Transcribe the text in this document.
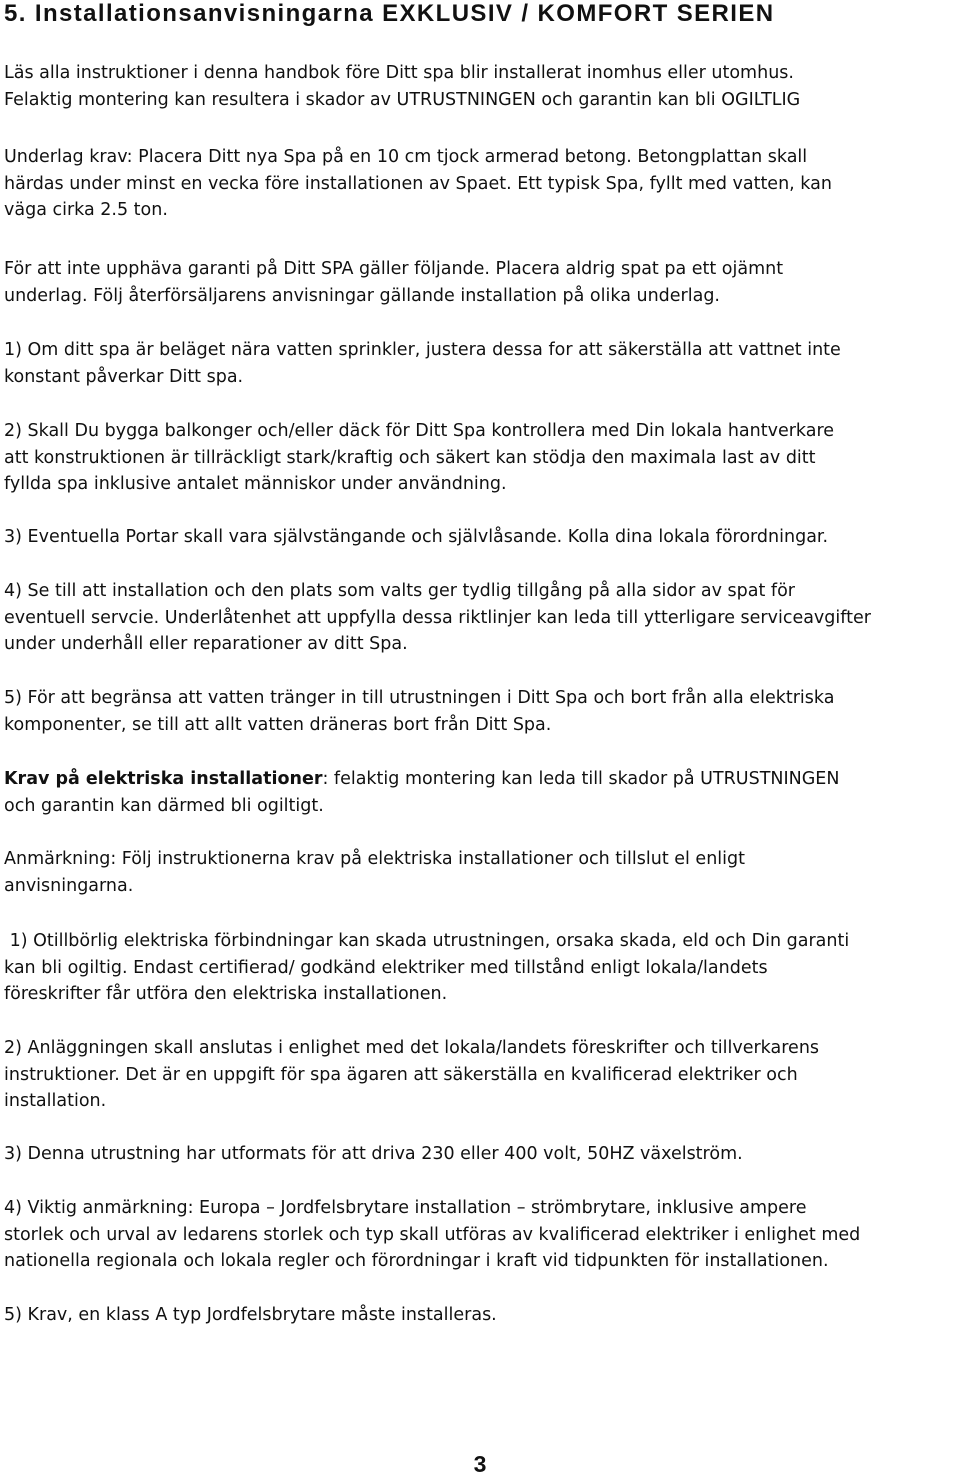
5. Installationsanvisningarna EXKLUSIV / KOMFORT SERIEN

Läs alla instruktioner i denna handbok före Ditt spa blir installerat inomhus eller utomhus.
Felaktig montering kan resultera i skador av UTRUSTNINGEN och garantin kan bli OGILTLIG

Underlag krav: Placera Ditt nya Spa på en 10 cm tjock armerad betong. Betongplattan skall
härdas under minst en vecka före installationen av Spaet. Ett typisk Spa, fyllt med vatten, kan
väga cirka 2.5 ton.

För att inte upphäva garanti på Ditt SPA gäller följande. Placera aldrig spat pa ett ojämnt
underlag. Följ återförsäljarens anvisningar gällande installation på olika underlag.

1) Om ditt spa är beläget nära vatten sprinkler, justera dessa for att säkerställa att vattnet inte
konstant påverkar Ditt spa.

2) Skall Du bygga balkonger och/eller däck för Ditt Spa kontrollera med Din lokala hantverkare
att konstruktionen är tillräckligt stark/kraftig och säkert kan stödja den maximala last av ditt
fyllda spa inklusive antalet människor under användning.

3) Eventuella Portar skall vara självstängande och självlåsande. Kolla dina lokala förordningar.

4) Se till att installation och den plats som valts ger tydlig tillgång på alla sidor av spat för
eventuell servcie. Underlåtenhet att uppfylla dessa riktlinjer kan leda till ytterligare serviceavgifter
under underhåll eller reparationer av ditt Spa.

5) För att begränsa att vatten tränger in till utrustningen i Ditt Spa och bort från alla elektriska
komponenter, se till att allt vatten dräneras bort från Ditt Spa.

Krav på elektriska installationer: felaktig montering kan leda till skador på UTRUSTNINGEN
och garantin kan därmed bli ogiltigt.

Anmärkning: Följ instruktionerna krav på elektriska installationer och tillslut el enligt
anvisningarna.

1) Otillbörlig elektriska förbindningar kan skada utrustningen, orsaka skada, eld och Din garanti
kan bli ogiltig. Endast certifierad/ godkänd elektriker med tillstånd enligt lokala/landets
föreskrifter får utföra den elektriska installationen.

2) Anläggningen skall anslutas i enlighet med det lokala/landets föreskrifter och tillverkarens
instruktioner. Det är en uppgift för spa ägaren att säkerställa en kvalificerad elektriker och
installation.

3) Denna utrustning har utformats för att driva 230 eller 400 volt, 50HZ växelström.

4) Viktig anmärkning: Europa – Jordfelsbrytare installation – strömbrytare, inklusive ampere
storlek och urval av ledarens storlek och typ skall utföras av kvalificerad elektriker i enlighet med
nationella regionala och lokala regler och förordningar i kraft vid tidpunkten för installationen.

5) Krav, en klass A typ Jordfelsbrytare måste installeras.

3
